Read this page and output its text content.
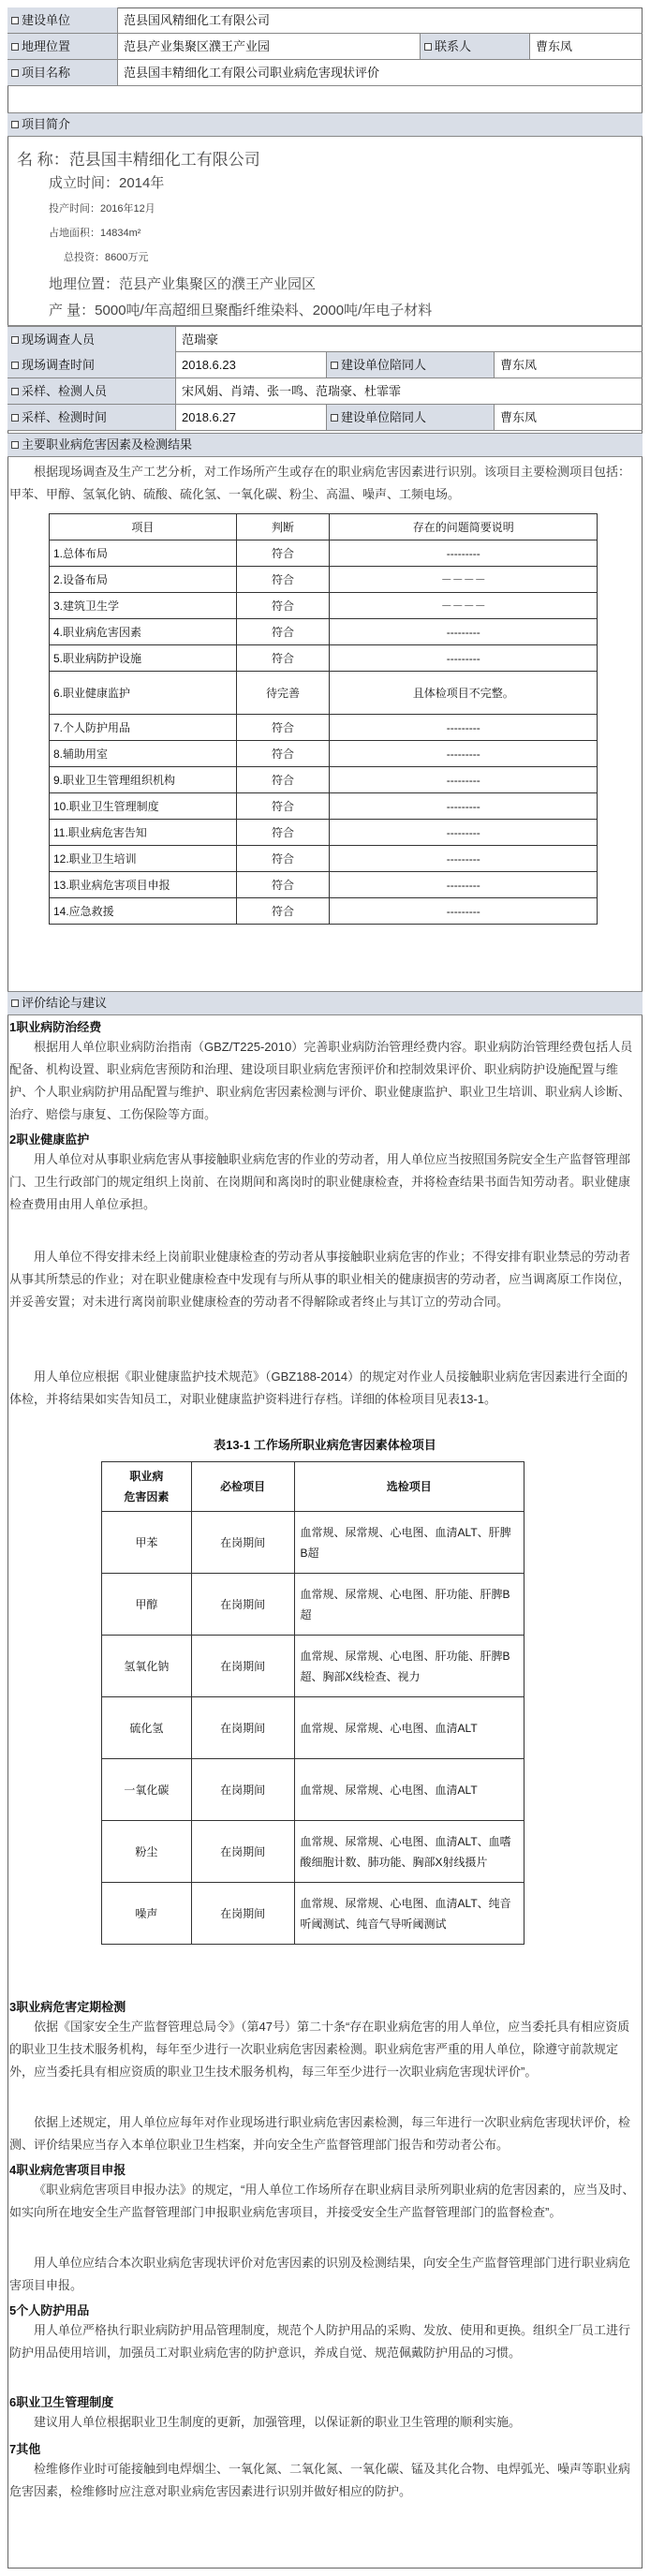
建设单位	范县国风精细化工有限公司
地理位置	范县产业集聚区濮王产业园	联系人	曹东凤
项目名称	范县国丰精细化工有限公司职业病危害现状评价
项目简介
名 称：范县国丰精细化工有限公司
成立时间：2014年
投产时间：2016年12月
占地面积：14834m²
总投资：8600万元
地理位置：范县产业集聚区的濮王产业园区
产 量：5000吨/年高超细旦聚酯纤维染料、2000吨/年电子材料
现场调查人员	范瑞豪
现场调查时间	2018.6.23	建设单位陪同人	曹东凤
采样、检测人员	宋风娟、肖靖、张一鸣、范瑞豪、杜霏霏
采样、检测时间	2018.6.27	建设单位陪同人	曹东凤
主要职业病危害因素及检测结果

根据现场调查及生产工艺分析，对工作场所产生或存在的职业病危害因素进行识别。该项目主要检测项目包括：甲苯、甲醇、氢氧化钠、硫酸、硫化氢、一氧化碳、粉尘、高温、噪声、工频电场。

项目	判断	存在的问题简要说明
1.总体布局	符合	---------
2.设备布局	符合	－－－－
3.建筑卫生学	符合	－－－－
4.职业病危害因素	符合	---------
5.职业病防护设施	符合	---------
6.职业健康监护	待完善	且体检项目不完整。
7.个人防护用品	符合	---------
8.辅助用室	符合	---------
9.职业卫生管理组织机构	符合	---------
10.职业卫生管理制度	符合	---------
11.职业病危害告知	符合	---------
12.职业卫生培训	符合	---------
13.职业病危害项目申报	符合	---------
14.应急救援	符合	---------
评价结论与建议
1职业病防治经费

根据用人单位职业病防治指南（GBZ/T225-2010）完善职业病防治管理经费内容。职业病防治管理经费包括人员配备、机构设置、职业病危害预防和治理、建设项目职业病危害预评价和控制效果评价、职业病防护设施配置与维护、个人职业病防护用品配置与维护、职业病危害因素检测与评价、职业健康监护、职业卫生培训、职业病人诊断、治疗、赔偿与康复、工伤保险等方面。

2职业健康监护

用人单位对从事职业病危害从事接触职业病危害的作业的劳动者，用人单位应当按照国务院安全生产监督管理部门、卫生行政部门的规定组织上岗前、在岗期间和离岗时的职业健康检查，并将检查结果书面告知劳动者。职业健康检查费用由用人单位承担。

用人单位不得安排未经上岗前职业健康检查的劳动者从事接触职业病危害的作业；不得安排有职业禁忌的劳动者从事其所禁忌的作业；对在职业健康检查中发现有与所从事的职业相关的健康损害的劳动者，应当调离原工作岗位，并妥善安置；对未进行离岗前职业健康检查的劳动者不得解除或者终止与其订立的劳动合同。

用人单位应根据《职业健康监护技术规范》（GBZ188-2014）的规定对作业人员接触职业病危害因素进行全面的体检，并将结果如实告知员工，对职业健康监护资料进行存档。详细的体检项目见表13-1。

表13-1 工作场所职业病危害因素体检项目
职业病
危害因素	必检项目	选检项目
甲苯	在岗期间	血常规、尿常规、心电图、血清ALT、肝脾B超
甲醇	在岗期间	血常规、尿常规、心电图、肝功能、肝脾B超
氢氧化钠	在岗期间	血常规、尿常规、心电图、肝功能、肝脾B超、胸部X线检查、视力
硫化氢	在岗期间	血常规、尿常规、心电图、血清ALT
一氧化碳	在岗期间	血常规、尿常规、心电图、血清ALT
粉尘	在岗期间	血常规、尿常规、心电图、血清ALT、血嗜酸细胞计数、肺功能、胸部X射线摄片
噪声	在岗期间	血常规、尿常规、心电图、血清ALT、纯音听阈测试、纯音气导听阈测试
3职业病危害定期检测

依据《国家安全生产监督管理总局令》（第47号）第二十条“存在职业病危害的用人单位，应当委托具有相应资质的职业卫生技术服务机构，每年至少进行一次职业病危害因素检测。职业病危害严重的用人单位，除遵守前款规定外，应当委托具有相应资质的职业卫生技术服务机构，每三年至少进行一次职业病危害现状评价”。

依据上述规定，用人单位应每年对作业现场进行职业病危害因素检测，每三年进行一次职业病危害现状评价，检测、评价结果应当存入本单位职业卫生档案，并向安全生产监督管理部门报告和劳动者公布。

4职业病危害项目申报

《职业病危害项目申报办法》的规定，“用人单位工作场所存在职业病目录所列职业病的危害因素的，应当及时、如实向所在地安全生产监督管理部门申报职业病危害项目，并接受安全生产监督管理部门的监督检查”。

用人单位应结合本次职业病危害现状评价对危害因素的识别及检测结果，向安全生产监督管理部门进行职业病危害项目申报。

5个人防护用品

用人单位严格执行职业病防护用品管理制度，规范个人防护用品的采购、发放、使用和更换。组织全厂员工进行防护用品使用培训，加强员工对职业病危害的防护意识，养成自觉、规范佩戴防护用品的习惯。

6职业卫生管理制度

建议用人单位根据职业卫生制度的更新，加强管理，以保证新的职业卫生管理的顺利实施。

7其他

检维修作业时可能接触到电焊烟尘、一氧化氮、二氧化氮、一氧化碳、锰及其化合物、电焊弧光、噪声等职业病危害因素，检维修时应注意对职业病危害因素进行识别并做好相应的防护。
